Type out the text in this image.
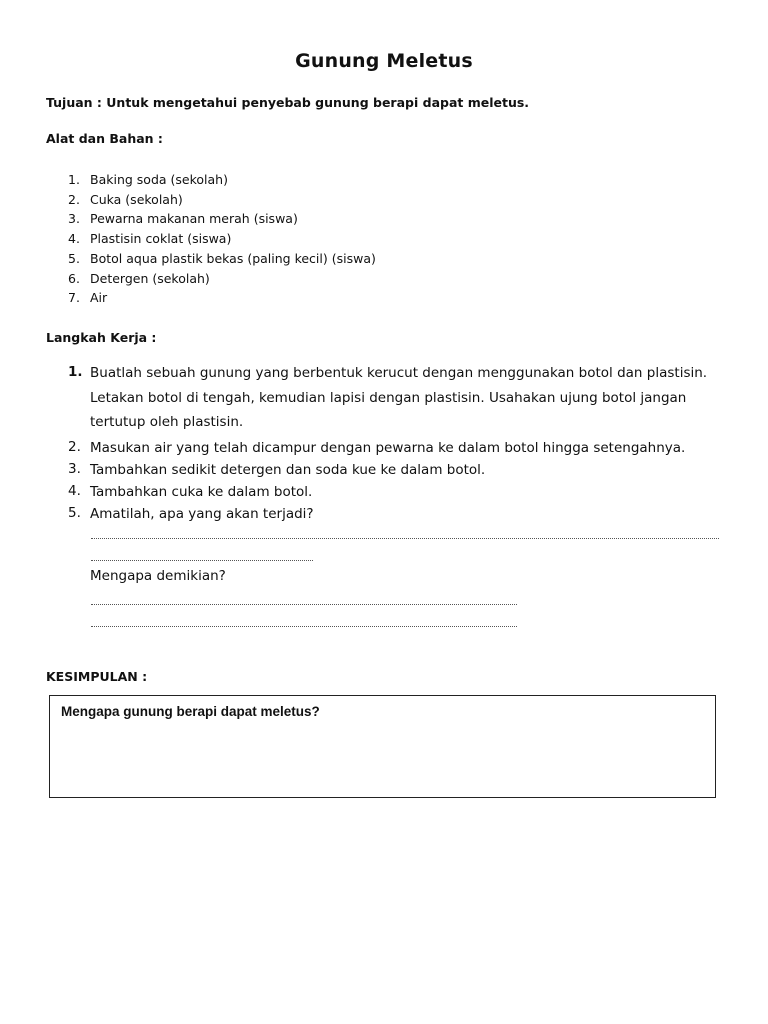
Gunung Meletus
Tujuan : Untuk mengetahui penyebab gunung berapi dapat meletus.
Alat dan Bahan :
1. Baking soda (sekolah)
2. Cuka (sekolah)
3. Pewarna makanan merah (siswa)
4. Plastisin coklat (siswa)
5. Botol aqua plastik bekas (paling kecil) (siswa)
6. Detergen (sekolah)
7. Air
Langkah Kerja :
1. Buatlah sebuah gunung yang berbentuk kerucut dengan menggunakan botol dan plastisin.
Letakan botol di tengah, kemudian lapisi dengan plastisin. Usahakan ujung botol jangan
tertutup oleh plastisin.
2. Masukan air yang telah dicampur dengan pewarna ke dalam botol hingga setengahnya.
3. Tambahkan sedikit detergen dan soda kue ke dalam botol.
4. Tambahkan cuka ke dalam botol.
5. Amatilah, apa yang akan terjadi?
Mengapa demikian?
KESIMPULAN :
Mengapa gunung berapi dapat meletus?
